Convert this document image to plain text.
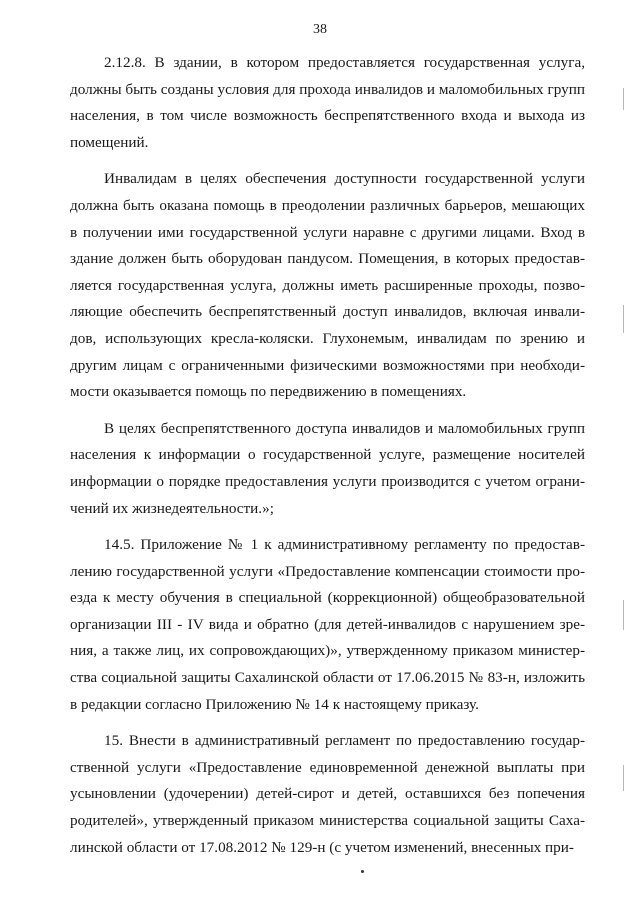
38

2.12.8. В здании, в котором предоставляется государственная услуга, должны быть созданы условия для прохода инвалидов и маломобильных групп населения, в том числе возможность беспрепятственного входа и выхода из помещений.

Инвалидам в целях обеспечения доступности государственной услуги должна быть оказана помощь в преодолении различных барьеров, мешающих в получении ими государственной услуги наравне с другими лицами. Вход в здание должен быть оборудован пандусом. Помещения, в которых предоставляется государственная услуга, должны иметь расширенные проходы, позволяющие обеспечить беспрепятственный доступ инвалидов, включая инвалидов, использующих кресла-коляски. Глухонемым, инвалидам по зрению и другим лицам с ограниченными физическими возможностями при необходимости оказывается помощь по передвижению в помещениях.

В целях беспрепятственного доступа инвалидов и маломобильных групп населения к информации о государственной услуге, размещение носителей информации о порядке предоставления услуги производится с учетом ограничений их жизнедеятельности.»;

14.5. Приложение № 1 к административному регламенту по предоставлению государственной услуги «Предоставление компенсации стоимости проезда к месту обучения в специальной (коррекционной) общеобразовательной организации III - IV вида и обратно (для детей-инвалидов с нарушением зрения, а также лиц, их сопровождающих)», утвержденному приказом министерства социальной защиты Сахалинской области от 17.06.2015 № 83-н, изложить в редакции согласно Приложению № 14 к настоящему приказу.

15. Внести в административный регламент по предоставлению государственной услуги «Предоставление единовременной денежной выплаты при усыновлении (удочерении) детей-сирот и детей, оставшихся без попечения родителей», утвержденный приказом министерства социальной защиты Сахалинской области от 17.08.2012 № 129-н (с учетом изменений, внесенных при-
